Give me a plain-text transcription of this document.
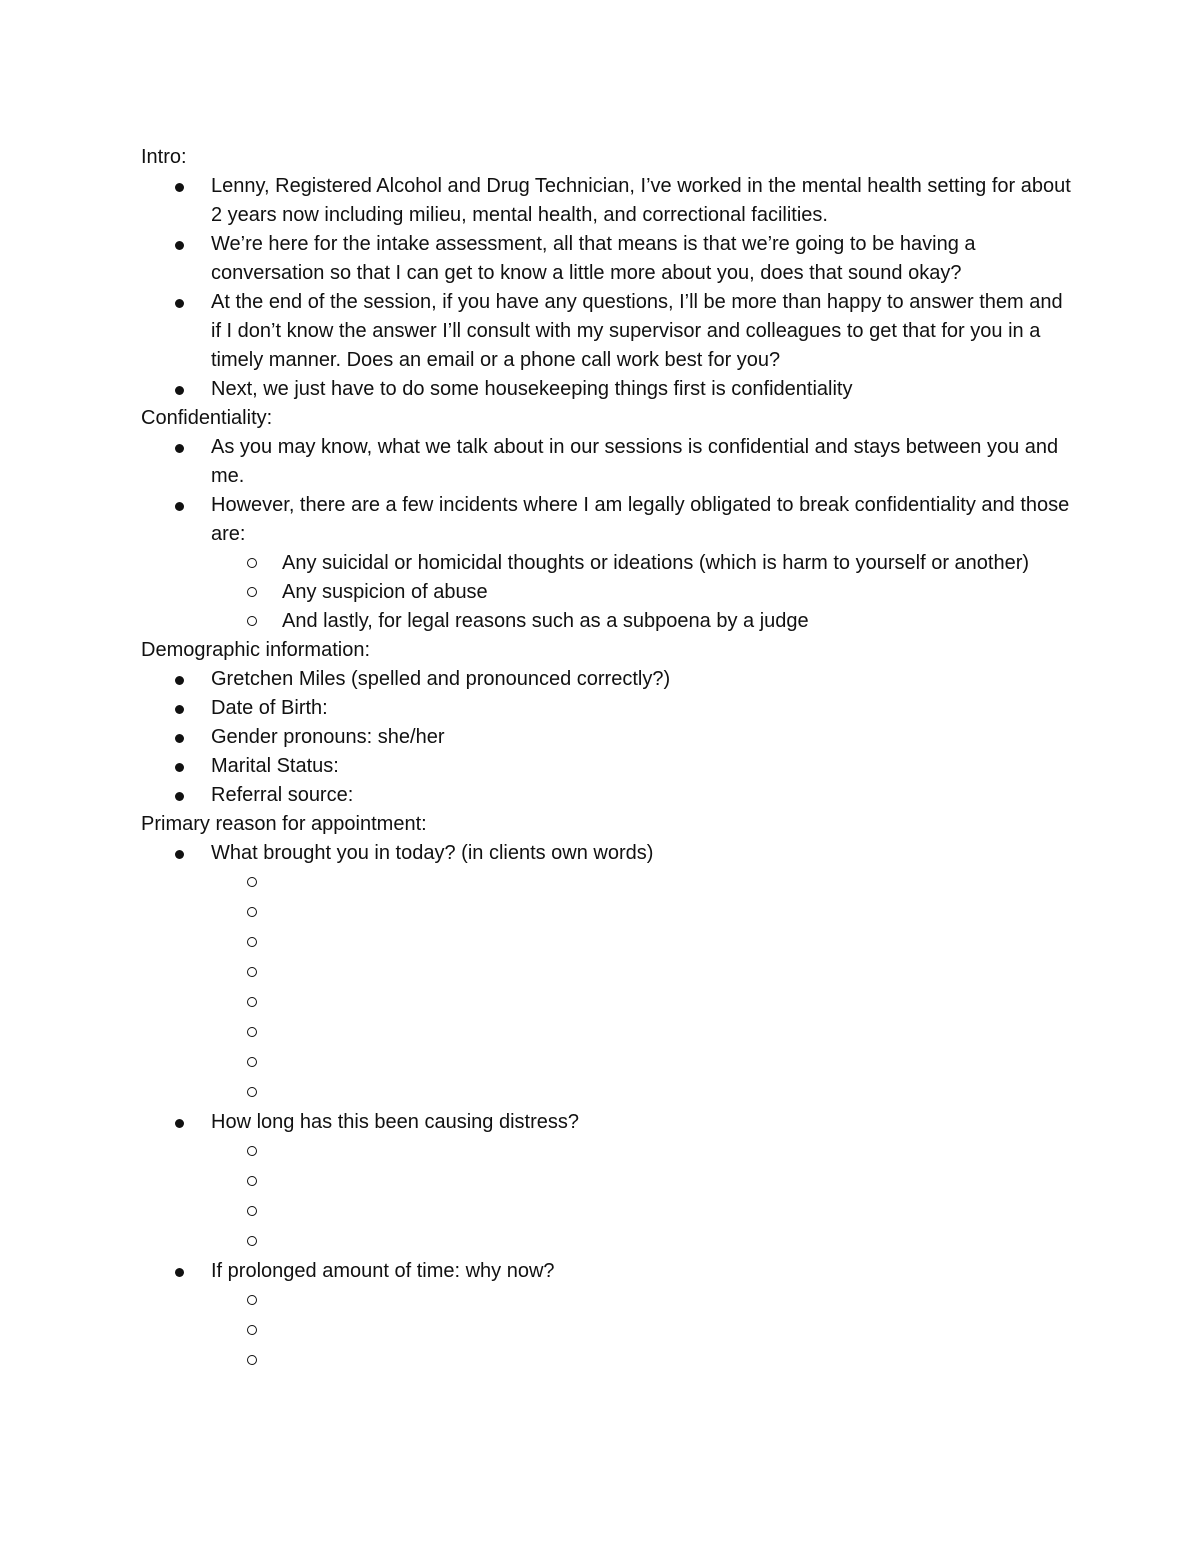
Intro:
Lenny, Registered Alcohol and Drug Technician, I’ve worked in the mental health setting for about 2 years now including milieu, mental health, and correctional facilities.
We’re here for the intake assessment, all that means is that we’re going to be having a conversation so that I can get to know a little more about you, does that sound okay?
At the end of the session, if you have any questions, I’ll be more than happy to answer them and if I don’t know the answer I’ll consult with my supervisor and colleagues to get that for you in a timely manner. Does an email or a phone call work best for you?
Next, we just have to do some housekeeping things first is confidentiality
Confidentiality:
As you may know, what we talk about in our sessions is confidential and stays between you and me.
However, there are a few incidents where I am legally obligated to break confidentiality and those are:
Any suicidal or homicidal thoughts or ideations (which is harm to yourself or another)
Any suspicion of abuse
And lastly, for legal reasons such as a subpoena by a judge
Demographic information:
Gretchen Miles (spelled and pronounced correctly?)
Date of Birth:
Gender pronouns: she/her
Marital Status:
Referral source:
Primary reason for appointment:
What brought you in today? (in clients own words)
How long has this been causing distress?
If prolonged amount of time: why now?
